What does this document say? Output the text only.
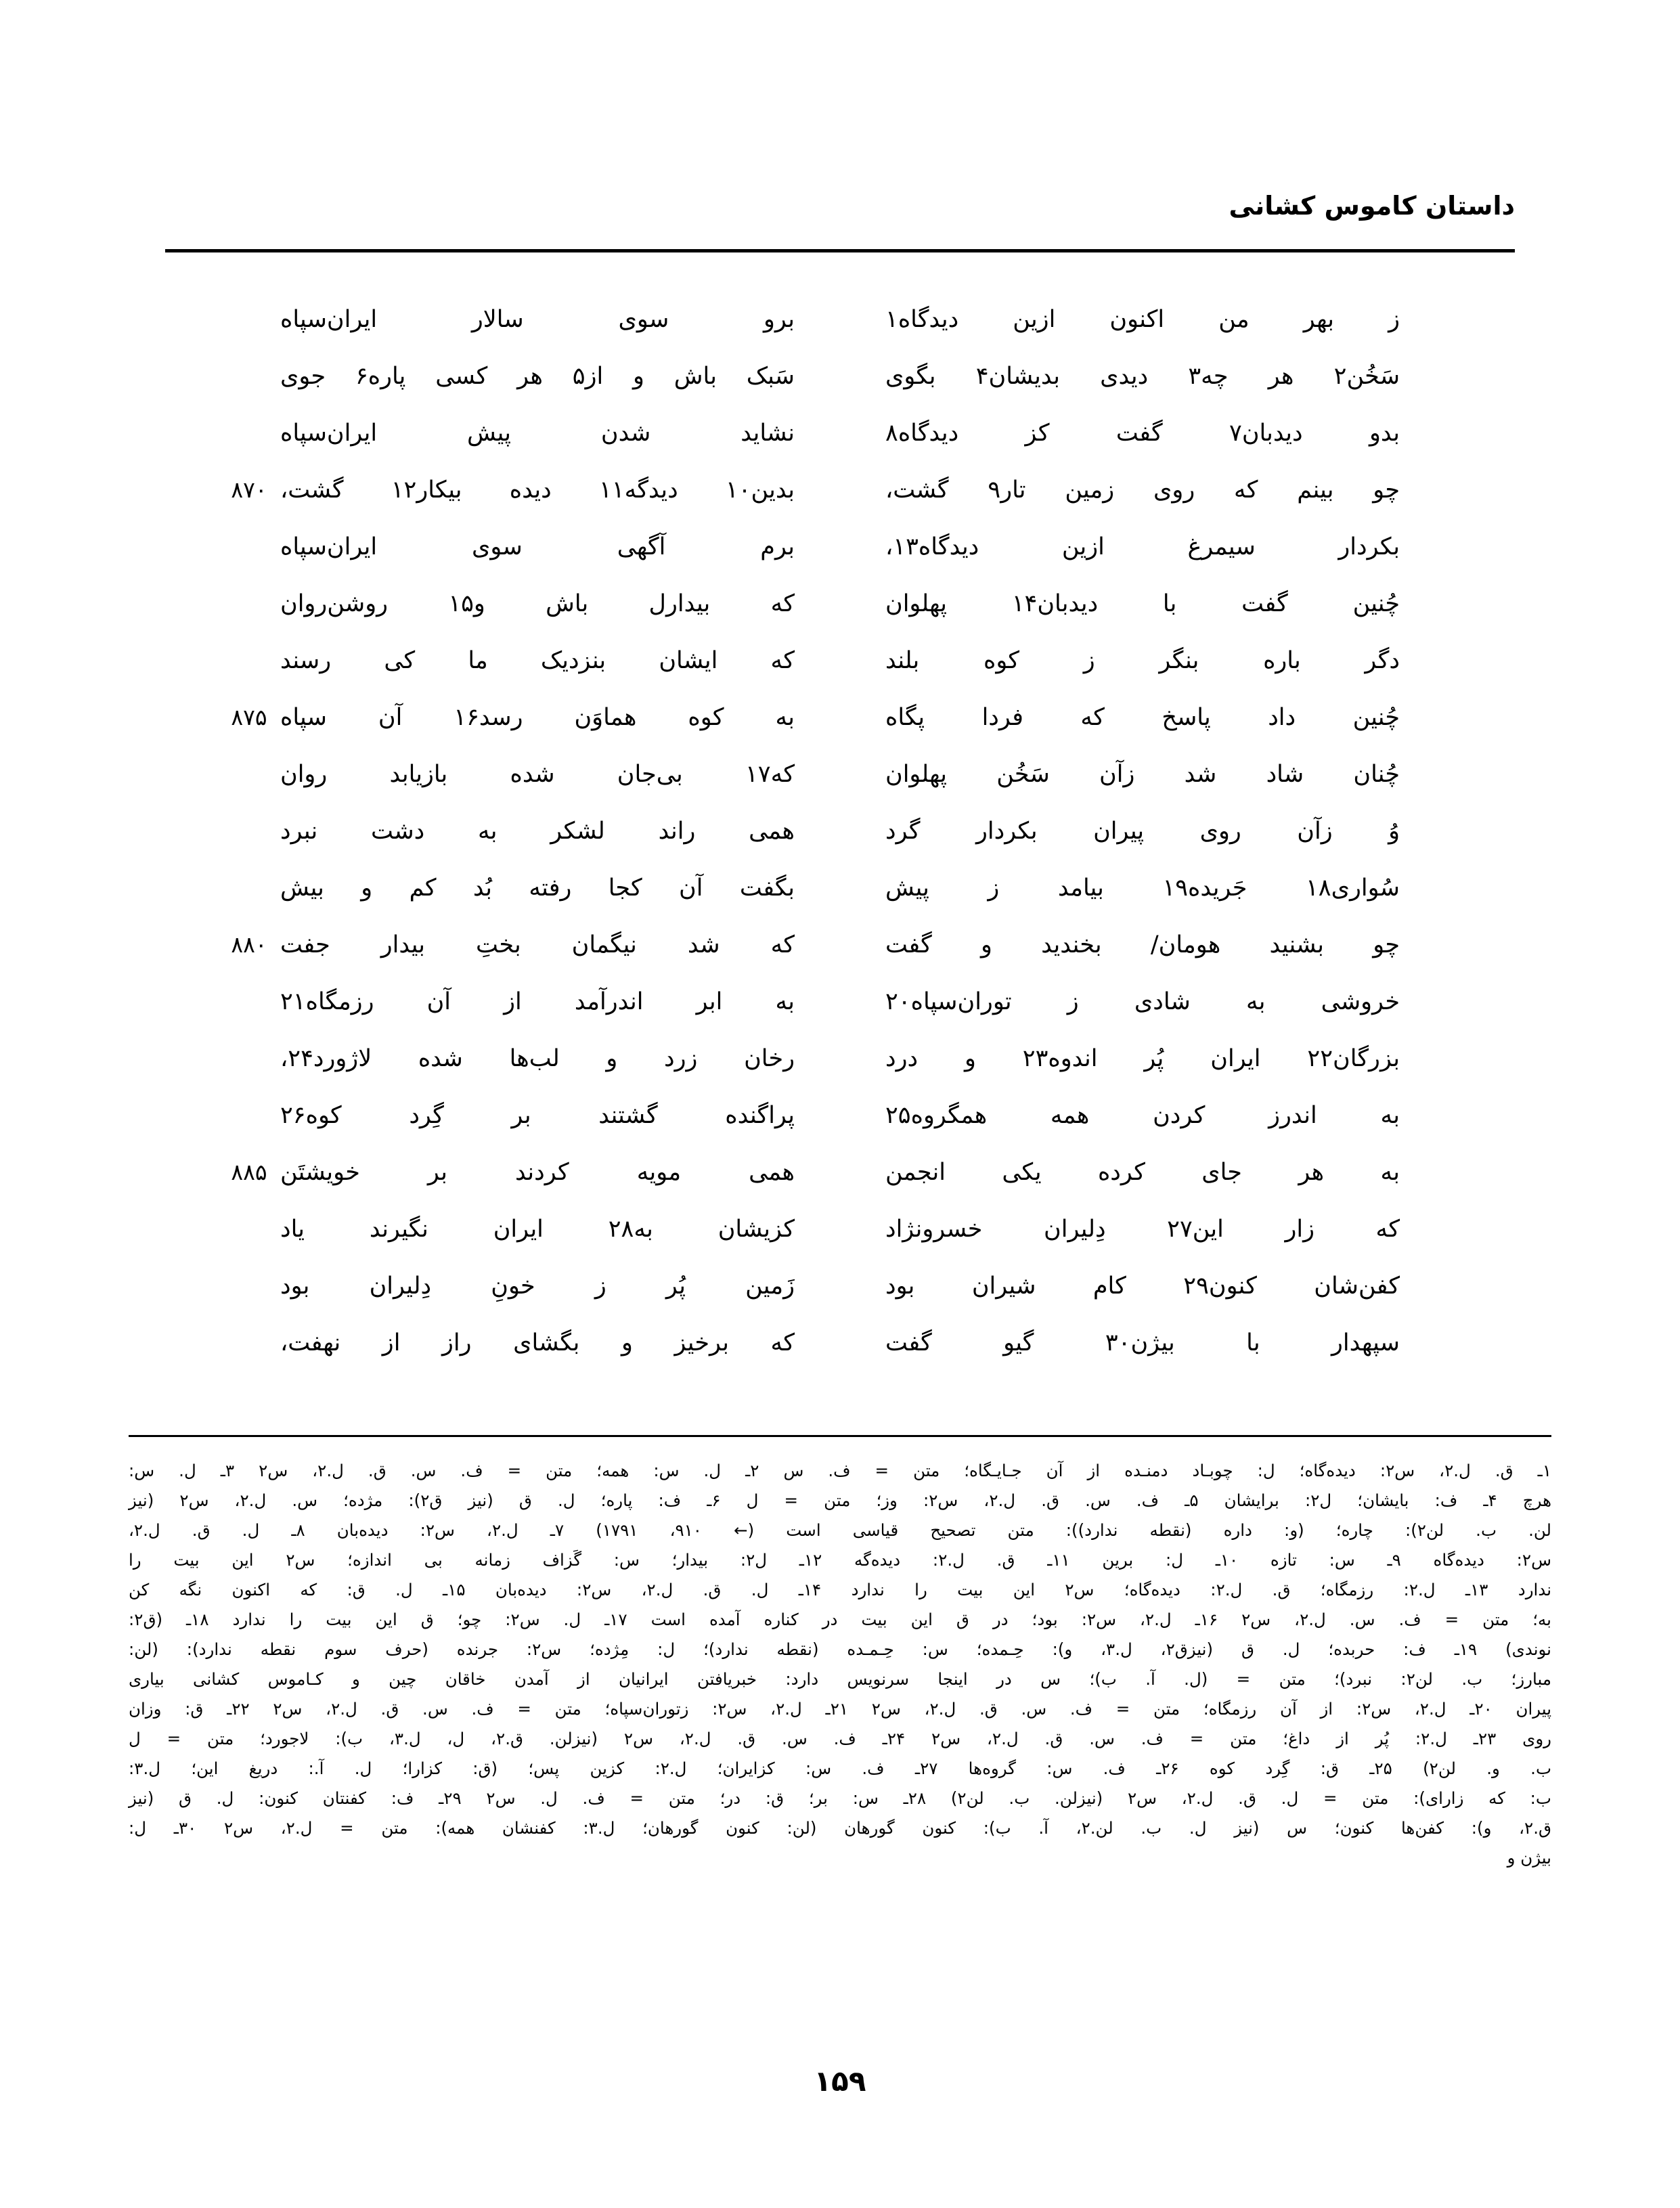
داستان کاموس کشانی
۸۷۰
۸۷۵
۸۸۰
۸۸۵
ز بهر من اکنون ازین دیدگاه۱
سَخُن۲ هر چه۳ دیدی بدیشان۴ بگوی
بدو دیدبان۷ گفت کز دیدگاه۸
چو بینم که روی زمین تار۹ گشت،
بکردار سیمرغ ازین دیدگاه۱۳،
چُنین گفت با دیدبان۱۴ پهلوان
دگر باره بنگر ز کوه بلند
چُنین داد پاسخ که فردا پگاه
چُنان شاد شد زآن سَخُن پهلوان
وُ زآن روی پیران بکردار گرد
سُواری۱۸ جَریده۱۹ بیامد ز پیش
چو بشنید هومان/ بخندید و گفت
خروشی به شادی ز توران‌سپاه۲۰
بزرگان۲۲ ایران پُر اندوه۲۳ و درد
به اندرز کردن همه همگروه۲۵
به هر جای کرده یکی انجمن
که زار این۲۷ دِلیران خسرونژاد
کفن‌شان کنون۲۹ کام شیران بود
سپهدار با بیژن۳۰ گیو گفت
برو سوی سالار ایران‌سپاه
سَبک باش و از۵ هر کسی پاره۶ جوی
نشاید شدن پیش ایران‌سپاه
بدین۱۰ دیدگه۱۱ دیده بیکار۱۲ گشت،
برم آگهی سوی ایران‌سپاه
که بیدارل باش و۱۵ روشن‌روان
که ایشان بنزدیک ما کی رسند
به کوه هماوَن رسد۱۶ آن سپاه
که۱۷ بی‌جان شده بازیابد روان
همی راند لشکر به دشت نبرد
بگفت آن کجا رفته بُد کم و بیش
که شد نیگمان بختِ بیدار جفت
به ابر اندرآمد از آن رزمگاه۲۱
رخان زرد و لب‌ها شده لاژورد۲۴،
پراگنده گشتند بر گِرد کوه۲۶
همی مویه کردند بر خویشتَن
کزیشان به۲۸ ایران نگیرند یاد
زَمین پُر ز خونِ دِلیران بود
که برخیز و بگشای راز از نهفت،
۱ـ ق. ل.۲، س۲: دیده‌گاه؛ ل: چوبـاد دمنـده از آن جـایـگاه؛ متن = ف. س ۲ـ ل. س: همه؛ متن = ف. س. ق. ل.۲، س۲ ۳ـ ل. س:
هرچ ۴ـ ف: بایشان؛ ل۲: برایشان ۵ـ ف. س. ق. ل.۲، س۲: وز؛ متن = ل ۶ـ ف: پاره؛ ل. ق (نیز ق۲): مژده؛ س. ل.۲، س۲ (نیز
لن. ب. لن۲): چاره؛ (و: داره (نقطه ندارد)): متن تصحیح قیاسی است (← ۹۱۰، ۱۷۹۱) ۷ـ ل.۲، س۲: دیده‌بان ۸ـ ل. ق. ل.۲،
س۲: دیده‌گاه ۹ـ س: تازه ۱۰ـ ل: برین ۱۱ـ ق. ل.۲: دیده‌گه ۱۲ـ ل۲: بیدار؛ س: گَزاف زمانه بی اندازه؛ س۲ این بیت را
ندارد ۱۳ـ ل.۲: رزمگاه؛ ق. ل.۲: دیده‌گاه؛ س۲ این بیت را ندارد ۱۴ـ ل. ق. ل.۲، س۲: دیده‌بان ۱۵ـ ل. ق: که اکنون نگه کن
به؛ متن = ف. س. ل.۲، س۲ ۱۶ـ ل.۲، س۲: بود؛ در ق این بیت در کناره آمده است ۱۷ـ ل. س۲: چو؛ ق این بیت را ندارد ۱۸ـ (ق۲:
نوندی) ۱۹ـ ف: حربده؛ ل. ق (نیزق۲، ل.۳، و): حِـمده؛ س: حِـمـده (نقطه ندارد)؛ ل: مِژده؛ س۲: جرنده (حرف سوم نقطه ندارد): (لن:
مبارز؛ ب. لن۲: نبرد)؛ متن = (ل. آ. ب)؛ س در اینجا سرنویس دارد: خبریافتن ایرانیان از آمدن خاقان چین و کـاموس کشانی بیاری
پیران ۲۰ـ ل.۲، س۲: از آن رزمگاه؛ متن = ف. س. ق. ل.۲، س۲ ۲۱ـ ل.۲، س۲: زتوران‌سپاه؛ متن = ف. س. ق. ل.۲، س۲ ۲۲ـ ق: وزان
روی ۲۳ـ ل.۲: پُر از داغ؛ متن = ف. س. ق. ل.۲، س۲ ۲۴ـ ف. س. ق. ل.۲، س۲ (نیزلن. ق.۲، ل، ل.۳، ب): لاجورد؛ متن = ل
ب. و. لن۲) ۲۵ـ ق: گِرد کوه ۲۶ـ ف. س: گروه‌ها ۲۷ـ ف. س: کزایران؛ ل.۲: کزین پس؛ (ق: کزارا؛ ل. آ.: دریغ این؛ ل.۳:
ب: که زارای): متن = ل. ق. ل.۲، س۲ (نیزلن. ب. لن۲) ۲۸ـ س: بر؛ ق: در؛ متن = ف. ل. س۲ ۲۹ـ ف: کفنتان کنون: ل. ق (نیز
ق.۲، و): کفن‌ها کنون؛ س (نیز ل. ب. لن.۲، آ. ب): کنون گورهان (لن: کنون گورهان؛ ل.۳: کفنشان همه): متن = ل.۲، س۲ ۳۰ـ ل:
بیژن و
۱۵۹
